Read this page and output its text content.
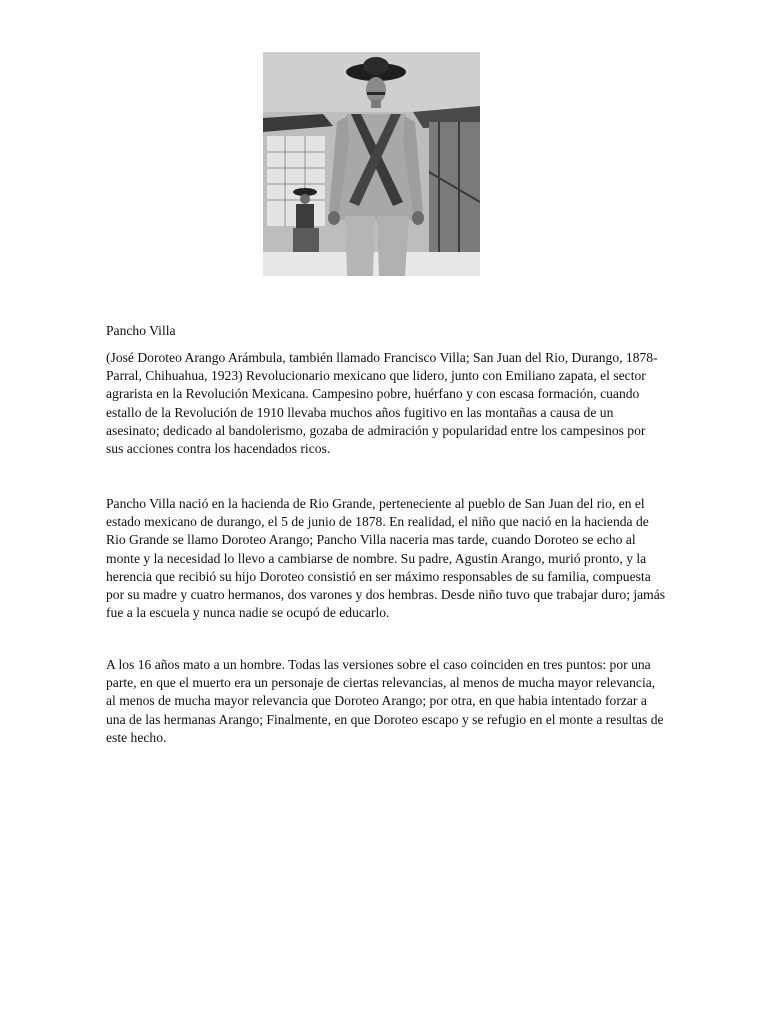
Pancho Villa

(José Doroteo Arango Arámbula, también llamado Francisco Villa; San Juan del Rio, Durango, 1878- Parral, Chihuahua, 1923) Revolucionario mexicano que lidero, junto con Emiliano zapata, el sector agrarista en la Revolución Mexicana. Campesino pobre, huérfano y con escasa formación, cuando estallo de la Revolución de 1910 llevaba muchos años fugitivo en las montañas a causa de un asesinato; dedicado al bandolerismo, gozaba de admiración y popularidad entre los campesinos por sus acciones contra los hacendados ricos.

Pancho Villa nació en la hacienda de Rio Grande, perteneciente al pueblo de San Juan del rio, en el estado mexicano de durango, el 5 de junio de 1878. En realidad, el niño que nació en la hacienda de Rio Grande se llamo Doroteo Arango; Pancho Villa naceria mas tarde, cuando Doroteo se echo al monte y la necesidad lo llevo a cambiarse de nombre. Su padre, Agustin Arango, murió pronto, y la herencia que recibió su hijo Doroteo consistió en ser máximo responsables de su familia, compuesta por su madre y cuatro hermanos, dos varones y dos hembras. Desde niño tuvo que trabajar duro; jamás fue a la escuela y nunca nadie se ocupó de educarlo.

A los 16 años mato a un hombre. Todas las versiones sobre el caso coinciden en tres puntos: por una parte, en que el muerto era un personaje de ciertas relevancias, al menos de mucha mayor relevancia, al menos de mucha mayor relevancia que Doroteo Arango; por otra, en que habia intentado forzar a una de las hermanas Arango; Finalmente, en que Doroteo escapo y se refugio en el monte a resultas de este hecho.
